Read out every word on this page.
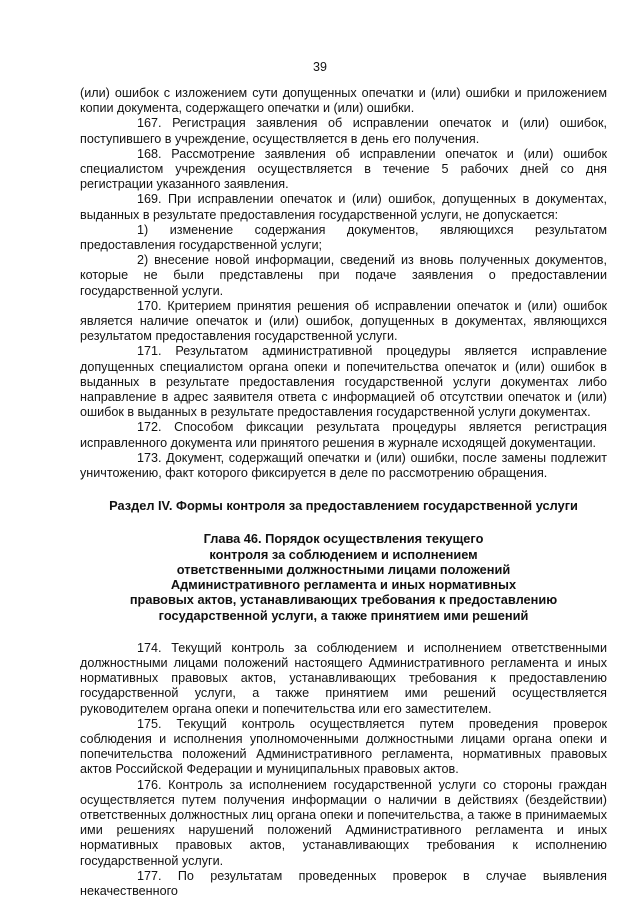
39

(или) ошибок с изложением сути допущенных опечатки и (или) ошибки и приложением копии документа, содержащего опечатки и (или) ошибки.

167. Регистрация заявления об исправлении опечаток и (или) ошибок, поступившего в учреждение, осуществляется в день его получения.

168. Рассмотрение заявления об исправлении опечаток и (или) ошибок специалистом учреждения осуществляется в течение 5 рабочих дней со дня регистрации указанного заявления.

169. При исправлении опечаток и (или) ошибок, допущенных в документах, выданных в результате предоставления государственной услуги, не допускается:

1) изменение содержания документов, являющихся результатом предоставления государственной услуги;

2) внесение новой информации, сведений из вновь полученных документов, которые не были представлены при подаче заявления о предоставлении государственной услуги.

170. Критерием принятия решения об исправлении опечаток и (или) ошибок является наличие опечаток и (или) ошибок, допущенных в документах, являющихся результатом предоставления государственной услуги.

171. Результатом административной процедуры является исправление допущенных специалистом органа опеки и попечительства опечаток и (или) ошибок в выданных в результате предоставления государственной услуги документах либо направление в адрес заявителя ответа с информацией об отсутствии опечаток и (или) ошибок в выданных в результате предоставления государственной услуги документах.

172. Способом фиксации результата процедуры является регистрация исправленного документа или принятого решения в журнале исходящей документации.

173. Документ, содержащий опечатки и (или) ошибки, после замены подлежит уничтожению, факт которого фиксируется в деле по рассмотрению обращения.

Раздел IV. Формы контроля за предоставлением государственной услуги
Глава 46. Порядок осуществления текущего
контроля за соблюдением и исполнением
ответственными должностными лицами положений
Административного регламента и иных нормативных
правовых актов, устанавливающих требования к предоставлению
государственной услуги, а также принятием ими решений

174. Текущий контроль за соблюдением и исполнением ответственными должностными лицами положений настоящего Административного регламента и иных нормативных правовых актов, устанавливающих требования к предоставлению государственной услуги, а также принятием ими решений осуществляется руководителем органа опеки и попечительства или его заместителем.

175. Текущий контроль осуществляется путем проведения проверок соблюдения и исполнения уполномоченными должностными лицами органа опеки и попечительства положений Административного регламента, нормативных правовых актов Российской Федерации и муниципальных правовых актов.

176. Контроль за исполнением государственной услуги со стороны граждан осуществляется путем получения информации о наличии в действиях (бездействии) ответственных должностных лиц органа опеки и попечительства, а также в принимаемых ими решениях нарушений положений Административного регламента и иных нормативных правовых актов, устанавливающих требования к исполнению государственной услуги.

177. По результатам проведенных проверок в случае выявления некачественного
